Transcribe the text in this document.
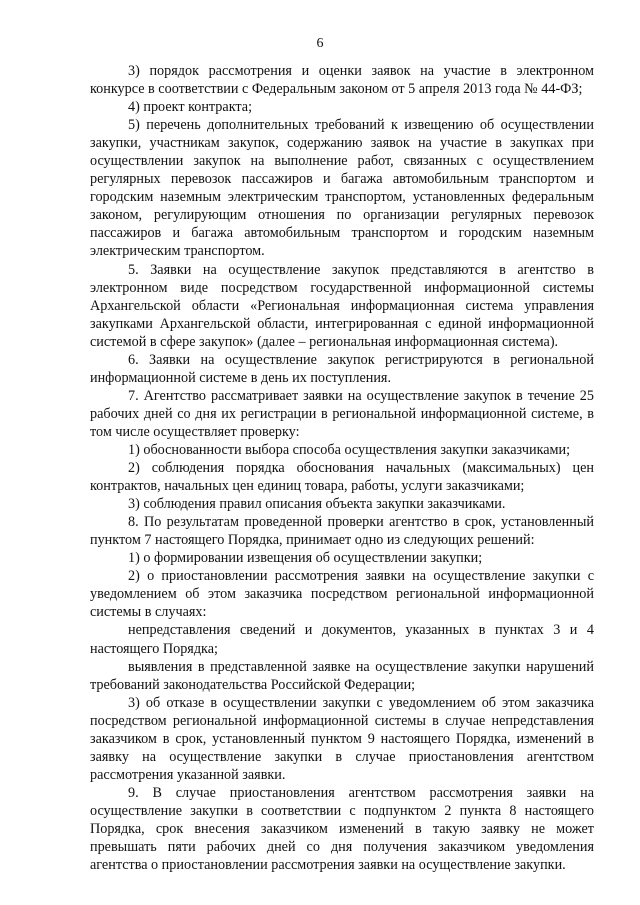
6

3) порядок рассмотрения и оценки заявок на участие в электронном конкурсе в соответствии с Федеральным законом от 5 апреля 2013 года № 44-ФЗ;

4) проект контракта;

5) перечень дополнительных требований к извещению об осуществлении закупки, участникам закупок, содержанию заявок на участие в закупках при осуществлении закупок на выполнение работ, связанных с осуществлением регулярных перевозок пассажиров и багажа автомобильным транспортом и городским наземным электрическим транспортом, установленных федеральным законом, регулирующим отношения по организации регулярных перевозок пассажиров и багажа автомобильным транспортом и городским наземным электрическим транспортом.

5. Заявки на осуществление закупок представляются в агентство в электронном виде посредством государственной информационной системы Архангельской области «Региональная информационная система управления закупками Архангельской области, интегрированная с единой информационной системой в сфере закупок» (далее – региональная информационная система).

6. Заявки на осуществление закупок регистрируются в региональной информационной системе в день их поступления.

7. Агентство рассматривает заявки на осуществление закупок в течение 25 рабочих дней со дня их регистрации в региональной информационной системе, в том числе осуществляет проверку:

1) обоснованности выбора способа осуществления закупки заказчиками;

2) соблюдения порядка обоснования начальных (максимальных) цен контрактов, начальных цен единиц товара, работы, услуги заказчиками;

3) соблюдения правил описания объекта закупки заказчиками.

8. По результатам проведенной проверки агентство в срок, установленный пунктом 7 настоящего Порядка, принимает одно из следующих решений:

1) о формировании извещения об осуществлении закупки;

2) о приостановлении рассмотрения заявки на осуществление закупки с уведомлением об этом заказчика посредством региональной информационной системы в случаях:

непредставления сведений и документов, указанных в пунктах 3 и 4 настоящего Порядка;

выявления в представленной заявке на осуществление закупки нарушений требований законодательства Российской Федерации;

3) об отказе в осуществлении закупки с уведомлением об этом заказчика посредством региональной информационной системы в случае непредставления заказчиком в срок, установленный пунктом 9 настоящего Порядка, изменений в заявку на осуществление закупки в случае приостановления агентством рассмотрения указанной заявки.

9. В случае приостановления агентством рассмотрения заявки на осуществление закупки в соответствии с подпунктом 2 пункта 8 настоящего Порядка, срок внесения заказчиком изменений в такую заявку не может превышать пяти рабочих дней со дня получения заказчиком уведомления агентства о приостановлении рассмотрения заявки на осуществление закупки.
